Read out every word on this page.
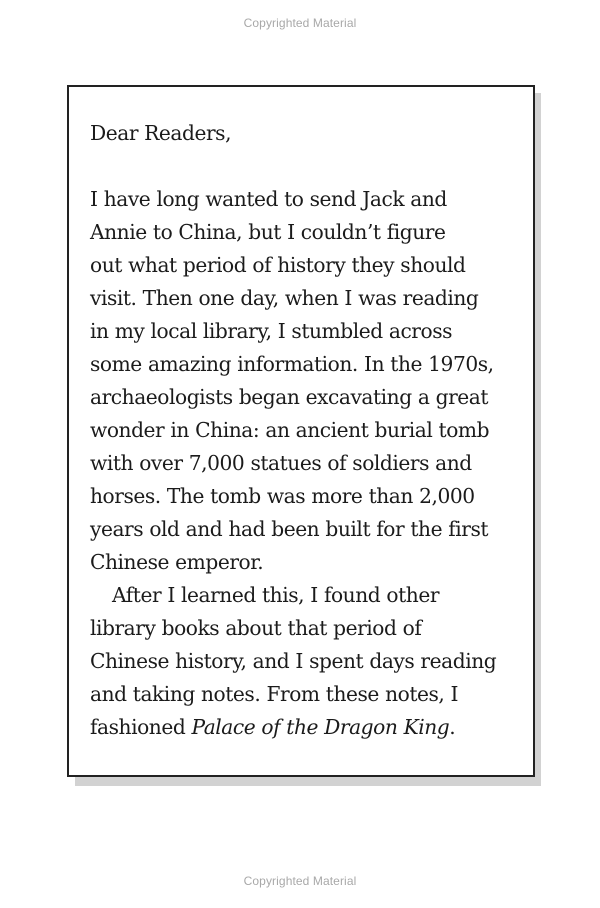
Copyrighted Material

Dear Readers,

I have long wanted to send Jack and
Annie to China, but I couldn’t figure
out what period of history they should
visit. Then one day, when I was reading
in my local library, I stumbled across
some amazing information. In the 1970s,
archaeologists began excavating a great
wonder in China: an ancient burial tomb
with over 7,000 statues of soldiers and
horses. The tomb was more than 2,000
years old and had been built for the first
Chinese emperor.

After I learned this, I found other
library books about that period of
Chinese history, and I spent days reading
and taking notes. From these notes, I
fashioned Palace of the Dragon King.

Copyrighted Material
